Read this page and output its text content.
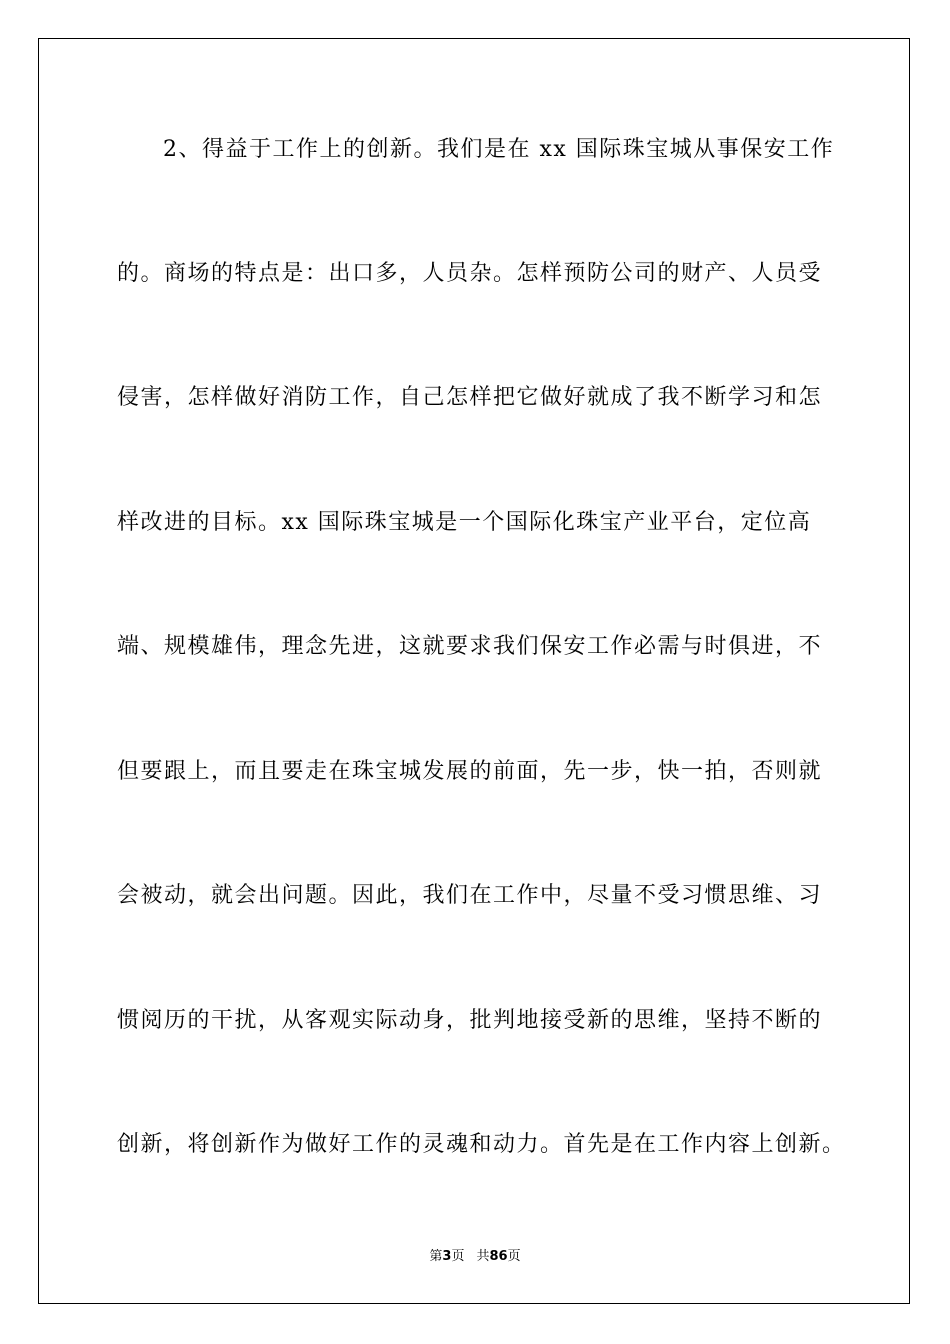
2、得益于工作上的创新。我们是在 xx 国际珠宝城从事保安工作
的。商场的特点是：出口多，人员杂。怎样预防公司的财产、人员受
侵害，怎样做好消防工作，自己怎样把它做好就成了我不断学习和怎
样改进的目标。xx 国际珠宝城是一个国际化珠宝产业平台，定位高
端、规模雄伟，理念先进，这就要求我们保安工作必需与时俱进，不
但要跟上，而且要走在珠宝城发展的前面，先一步，快一拍，否则就
会被动，就会出问题。因此，我们在工作中，尽量不受习惯思维、习
惯阅历的干扰，从客观实际动身，批判地接受新的思维，坚持不断的
创新，将创新作为做好工作的灵魂和动力。首先是在工作内容上创新。
第3页 共86页
